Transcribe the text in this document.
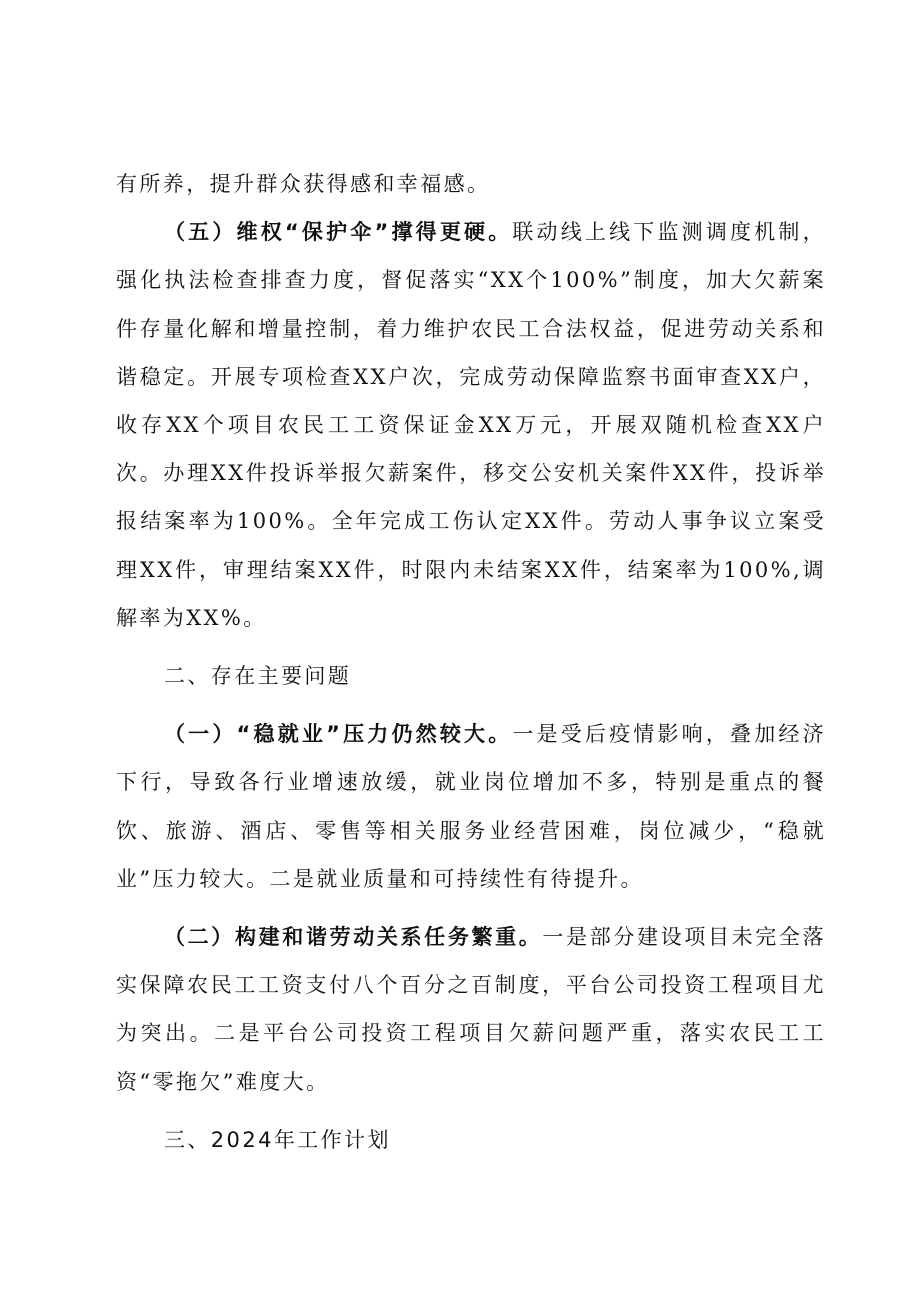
有所养，提升群众获得感和幸福感。

（五）维权“保护伞”撑得更硬。联动线上线下监测调度机制，强化执法检查排查力度，督促落实“XX个100%”制度，加大欠薪案件存量化解和增量控制，着力维护农民工合法权益，促进劳动关系和谐稳定。开展专项检查XX户次，完成劳动保障监察书面审查XX户，收存XX个项目农民工工资保证金XX万元，开展双随机检查XX户次。办理XX件投诉举报欠薪案件，移交公安机关案件XX件，投诉举报结案率为100%。全年完成工伤认定XX件。劳动人事争议立案受理XX件，审理结案XX件，时限内未结案XX件，结案率为100%,调解率为XX%。

二、存在主要问题

（一）“稳就业”压力仍然较大。一是受后疫情影响，叠加经济下行，导致各行业增速放缓，就业岗位增加不多，特别是重点的餐饮、旅游、酒店、零售等相关服务业经营困难，岗位减少，“稳就业”压力较大。二是就业质量和可持续性有待提升。

（二）构建和谐劳动关系任务繁重。一是部分建设项目未完全落实保障农民工工资支付八个百分之百制度，平台公司投资工程项目尤为突出。二是平台公司投资工程项目欠薪问题严重，落实农民工工资“零拖欠”难度大。

三、2024年工作计划
